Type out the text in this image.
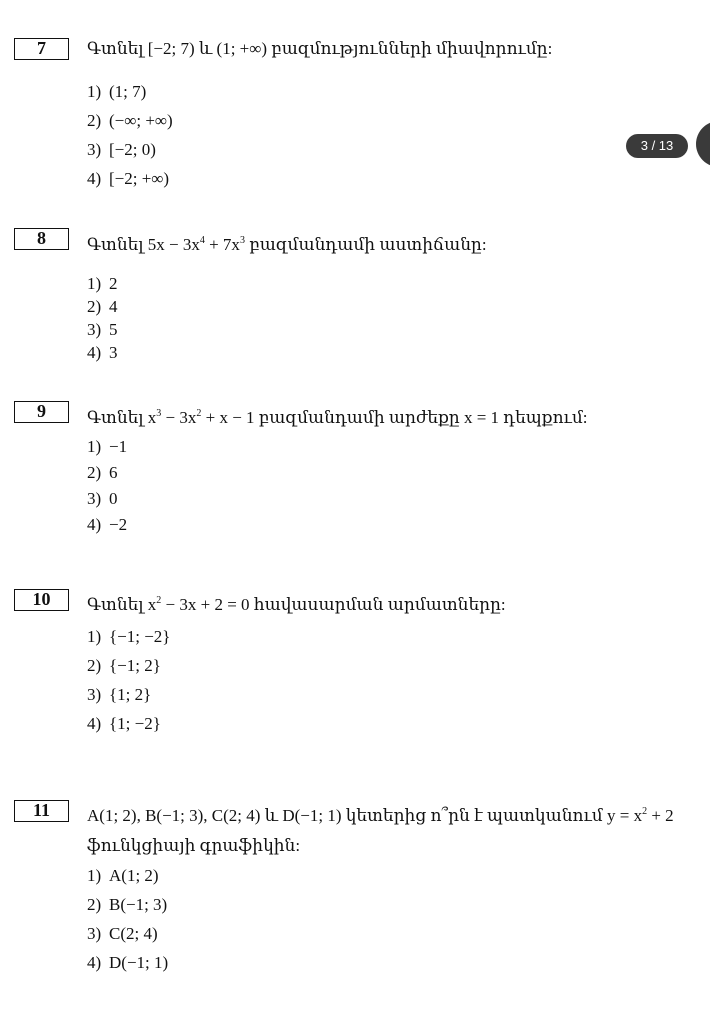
3 / 13
7	Գտնել [−2; 7) և (1; +∞) բազմությունների միավորումը:
1) (1; 7)
2) (−∞; +∞)
3) [−2; 0)
4) [−2; +∞)
8	Գտնել $5x - 3x^4 + 7x^3$ բազմանդամի աստիճանը:
1) 2
2) 4
3) 5
4) 3
9	Գտնել $x^3 - 3x^2 + x - 1$ բազմանդամի արժեքը x = 1 դեպքում:
1) −1
2) 6
3) 0
4) −2
10	Գտնել $x^2 - 3x + 2 = 0$ հավասարման արմատները:
1) {−1; −2}
2) {−1; 2}
3) {1; 2}
4) {1; −2}
11	A(1; 2), B(−1; 3), C(2; 4) և D(−1; 1) կետերից ո՞րն է պատկանում $y = x^2 + 2$ ֆունկցիայի գրաֆիկին:
1) A(1; 2)
2) B(−1; 3)
3) C(2; 4)
4) D(−1; 1)
